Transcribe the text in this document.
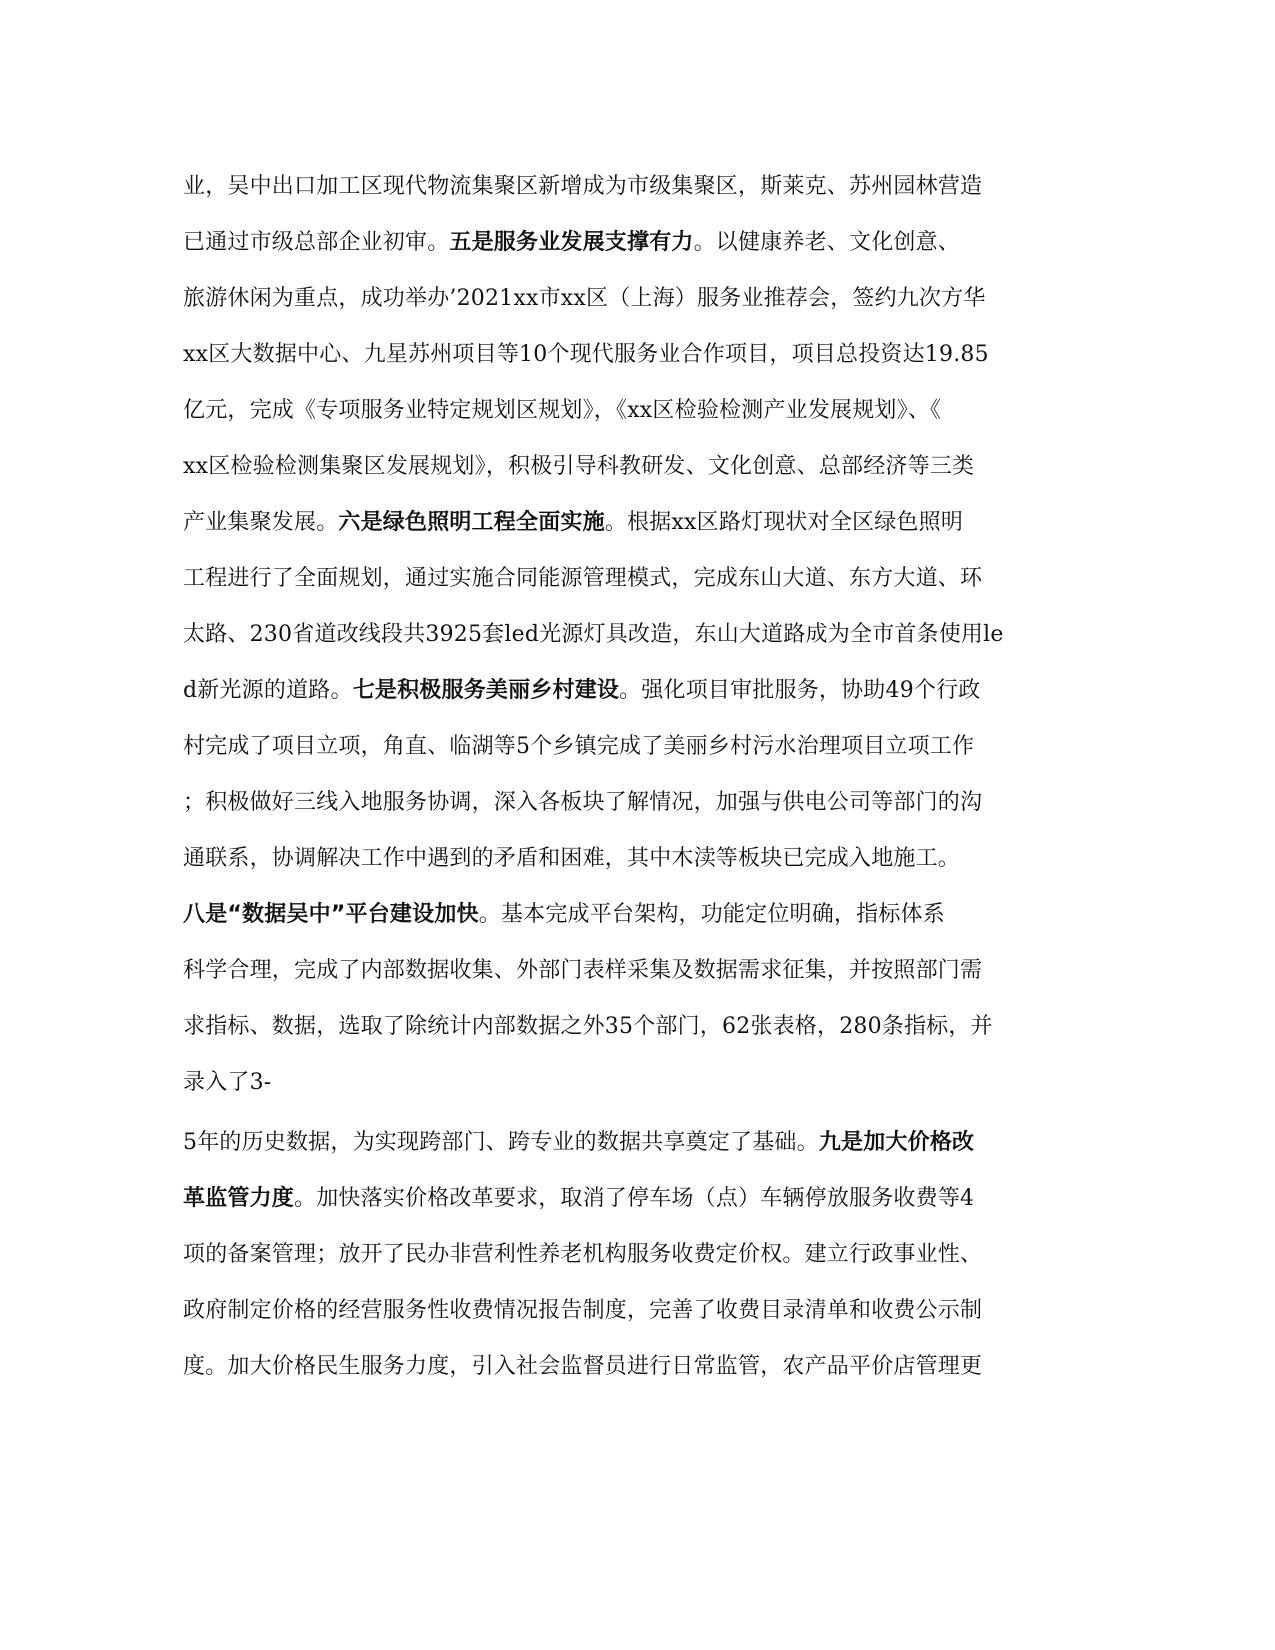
业，吴中出口加工区现代物流集聚区新增成为市级集聚区，斯莱克、苏州园林营造
已通过市级总部企业初审。五是服务业发展支撑有力。以健康养老、文化创意、
旅游休闲为重点，成功举办’2021xx市xx区（上海）服务业推荐会，签约九次方华
xx区大数据中心、九星苏州项目等10个现代服务业合作项目，项目总投资达19.85
亿元，完成《专项服务业特定规划区规划》，《xx区检验检测产业发展规划》、《
xx区检验检测集聚区发展规划》，积极引导科教研发、文化创意、总部经济等三类
产业集聚发展。六是绿色照明工程全面实施。根据xx区路灯现状对全区绿色照明
工程进行了全面规划，通过实施合同能源管理模式，完成东山大道、东方大道、环
太路、230省道改线段共3925套led光源灯具改造，东山大道路成为全市首条使用le
d新光源的道路。七是积极服务美丽乡村建设。强化项目审批服务，协助49个行政
村完成了项目立项，角直、临湖等5个乡镇完成了美丽乡村污水治理项目立项工作
；积极做好三线入地服务协调，深入各板块了解情况，加强与供电公司等部门的沟
通联系，协调解决工作中遇到的矛盾和困难，其中木渎等板块已完成入地施工。
八是“数据吴中”平台建设加快。基本完成平台架构，功能定位明确，指标体系
科学合理，完成了内部数据收集、外部门表样采集及数据需求征集，并按照部门需
求指标、数据，选取了除统计内部数据之外35个部门，62张表格，280条指标，并
录入了3-
5年的历史数据，为实现跨部门、跨专业的数据共享奠定了基础。九是加大价格改
革监管力度。加快落实价格改革要求，取消了停车场（点）车辆停放服务收费等4
项的备案管理；放开了民办非营利性养老机构服务收费定价权。建立行政事业性、
政府制定价格的经营服务性收费情况报告制度，完善了收费目录清单和收费公示制
度。加大价格民生服务力度，引入社会监督员进行日常监管，农产品平价店管理更
